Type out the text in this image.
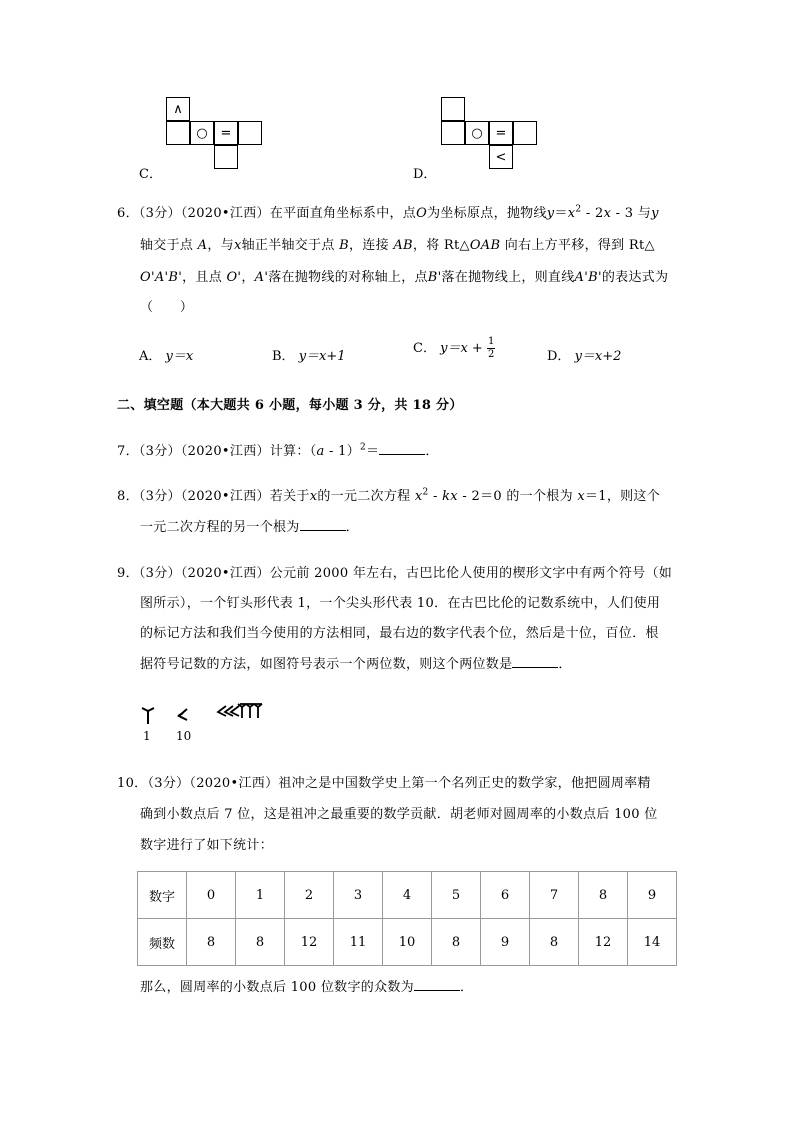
∧
○ =
C．
○ =
<
D．
6．（3分）（2020•江西）在平面直角坐标系中，点O为坐标原点，抛物线$y=x^2 - 2x - 3$ 与y
轴交于点 A，与x轴正半轴交于点 B，连接 AB，将 Rt△OAB 向右上方平移，得到 Rt△
O'A'B'，且点 O'，A'落在抛物线的对称轴上，点B'落在抛物线上，则直线A'B'的表达式为
（　　）
A． y＝x	B． y＝x+1
C． $y=x + \frac{1}{2}$	D． y＝x+2
二、填空题（本大题共 6 小题，每小题 3 分，共 18 分）
7．（3分）（2020•江西）计算：（a - 1）$^2$＝	．
8．（3分）（2020•江西）若关于x的一元二次方程 $x^2$ - kx - 2＝0 的一个根为 x＝1，则这个
一元二次方程的另一个根为	．
9．（3分）（2020•江西）公元前 2000 年左右，古巴比伦人使用的楔形文字中有两个符号（如
图所示），一个钉头形代表 1，一个尖头形代表 10．在古巴比伦的记数系统中，人们使用
的标记方法和我们当今使用的方法相同，最右边的数字代表个位，然后是十位，百位．根
据符号记数的方法，如图符号表示一个两位数，则这个两位数是	．
1 10
10．（3分）（2020•江西）祖冲之是中国数学史上第一个名列正史的数学家，他把圆周率精
确到小数点后 7 位，这是祖冲之最重要的数学贡献．胡老师对圆周率的小数点后 100 位
数字进行了如下统计：
数字	0	1	2	3	4	5	6	7	8	9
频数	8	8	12	11	10	8	9	8	12	14
那么，圆周率的小数点后 100 位数字的众数为	．
